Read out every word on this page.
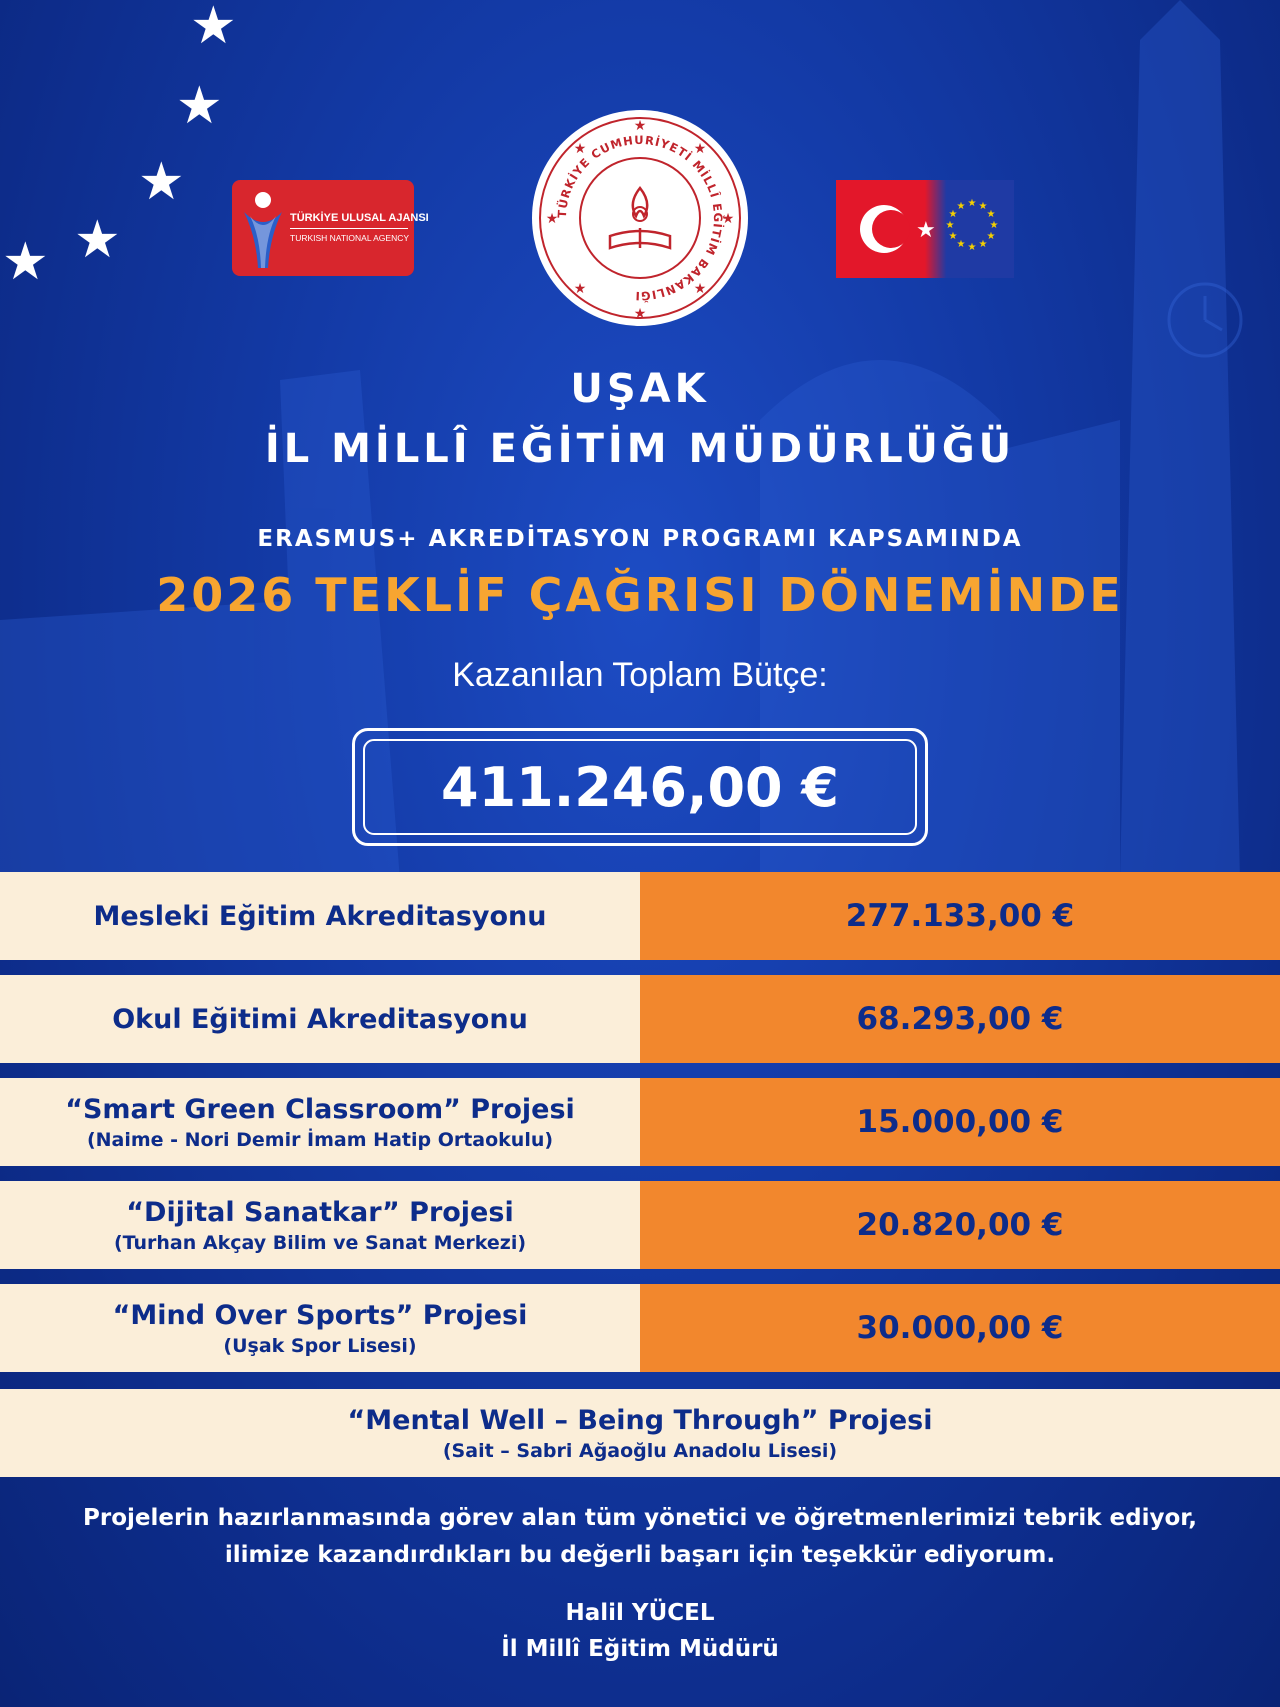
★
★
★
★
★
TÜRKİYE ULUSAL AJANSI
TURKISH NATIONAL AGENCY
★
★
★
★
★
★
★
★
TÜRKİYE CUMHURİYETİ MİLLÎ EĞİTİM BAKANLIĞI
★
★ ★
★
★
★
★
★
★
★
★
★
★
UŞAK
İL MİLLÎ EĞİTİM MÜDÜRLÜĞÜ
ERASMUS+ AKREDİTASYON PROGRAMI KAPSAMINDA
2026 TEKLİF ÇAĞRISI DÖNEMİNDE
Kazanılan Toplam Bütçe:
411.246,00 €
Mesleki Eğitim Akreditasyonu	277.133,00 €
Okul Eğitimi Akreditasyonu	68.293,00 €
“Smart Green Classroom” Projesi
(Naime - Nori Demir İmam Hatip Ortaokulu)	15.000,00 €
“Dijital Sanatkar” Projesi
(Turhan Akçay Bilim ve Sanat Merkezi)	20.820,00 €
“Mind Over Sports” Projesi
(Uşak Spor Lisesi)	30.000,00 €
“Mental Well – Being Through” Projesi
(Sait – Sabri Ağaoğlu Anadolu Lisesi)
Projelerin hazırlanmasında görev alan tüm yönetici ve öğretmenlerimizi tebrik ediyor,
ilimize kazandırdıkları bu değerli başarı için teşekkür ediyorum.
Halil YÜCEL
İl Millî Eğitim Müdürü
